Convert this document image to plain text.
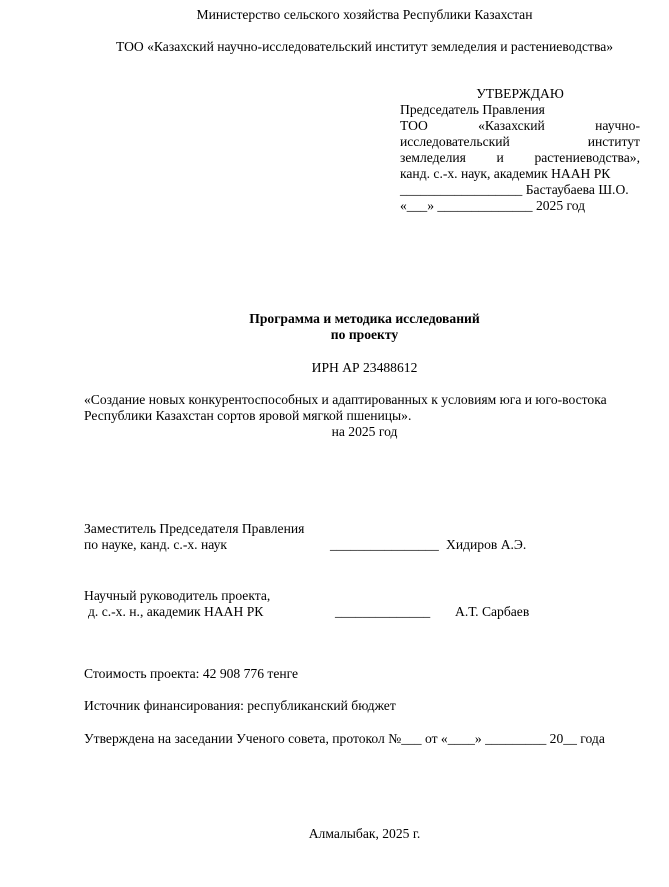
Министерство сельского хозяйства Республики Казахстан
ТОО «Казахский научно-исследовательский институт земледелия и растениеводства»
УТВЕРЖДАЮ
Председатель Правления
ТОО «Казахский научно-
исследовательский институт
земледелия и растениеводства»,
канд. с.-х. наук, академик НААН РК
__________________ Бастаубаева Ш.О.
«___» ______________ 2025 год
Программа и методика исследований
по проекту
ИРН АР 23488612
«Создание новых конкурентоспособных и адаптированных к условиям юга и юго-востока
Республики Казахстан сортов яровой мягкой пшеницы».
на 2025 год
Заместитель Председателя Правления
по науке, канд. с.-х. наук	________________ Хидиров А.Э.
Научный руководитель проекта,
д. с.-х. н., академик НААН РК	______________ А.Т. Сарбаев
Стоимость проекта: 42 908 776 тенге
Источник финансирования: республиканский бюджет
Утверждена на заседании Ученого совета, протокол №___ от «____» _________ 20__ года
Алмалыбак, 2025 г.
